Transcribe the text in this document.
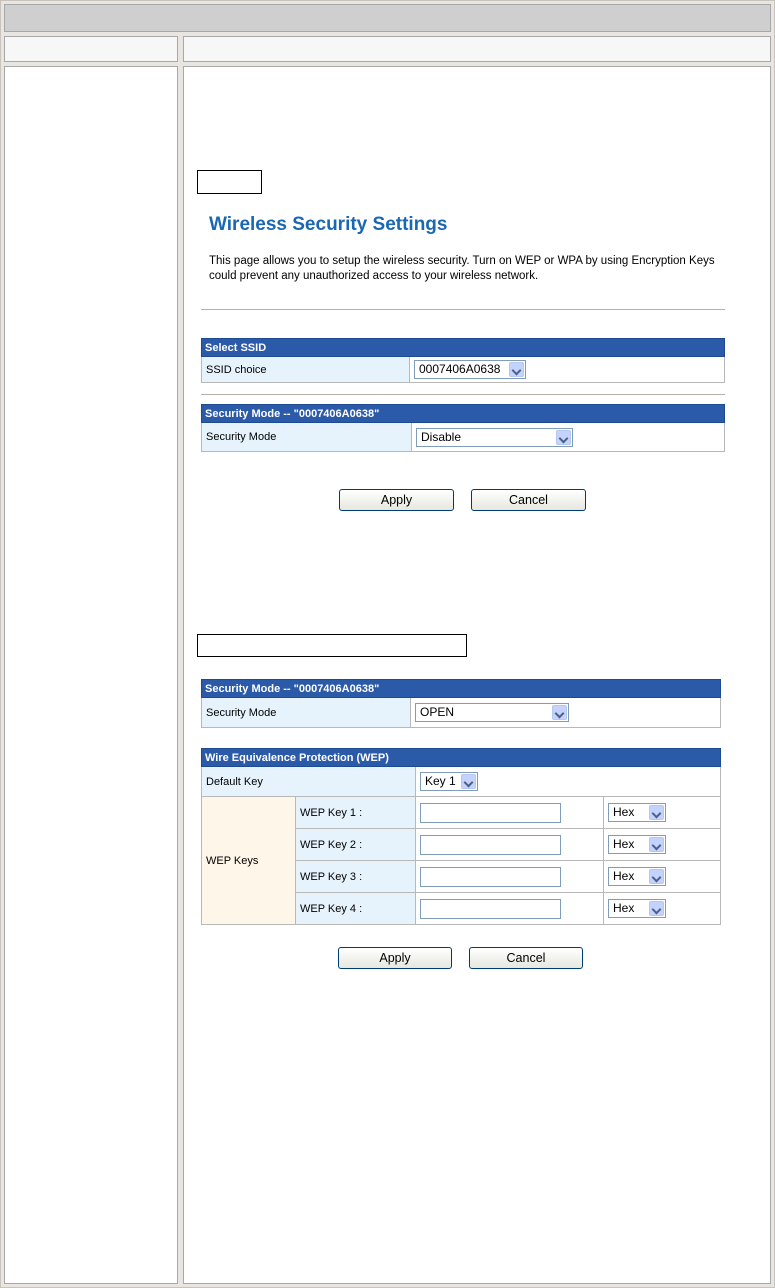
Wireless Security Settings
This page allows you to setup the wireless security. Turn on WEP or WPA by using Encryption Keys could prevent any unauthorized access to your wireless network.
Select SSID
SSID choice	0007406A0638
Security Mode -- "0007406A0638"
Security Mode	Disable
Apply	Cancel
Security Mode -- "0007406A0638"
Security Mode	OPEN
Wire Equivalence Protection (WEP)			
Default Key		Key 1	

WEP Keys	WEP Key 1 :		Hex

	WEP Key 2 :		Hex

	WEP Key 3 :		Hex

	WEP Key 4 :		Hex
Apply	Cancel
